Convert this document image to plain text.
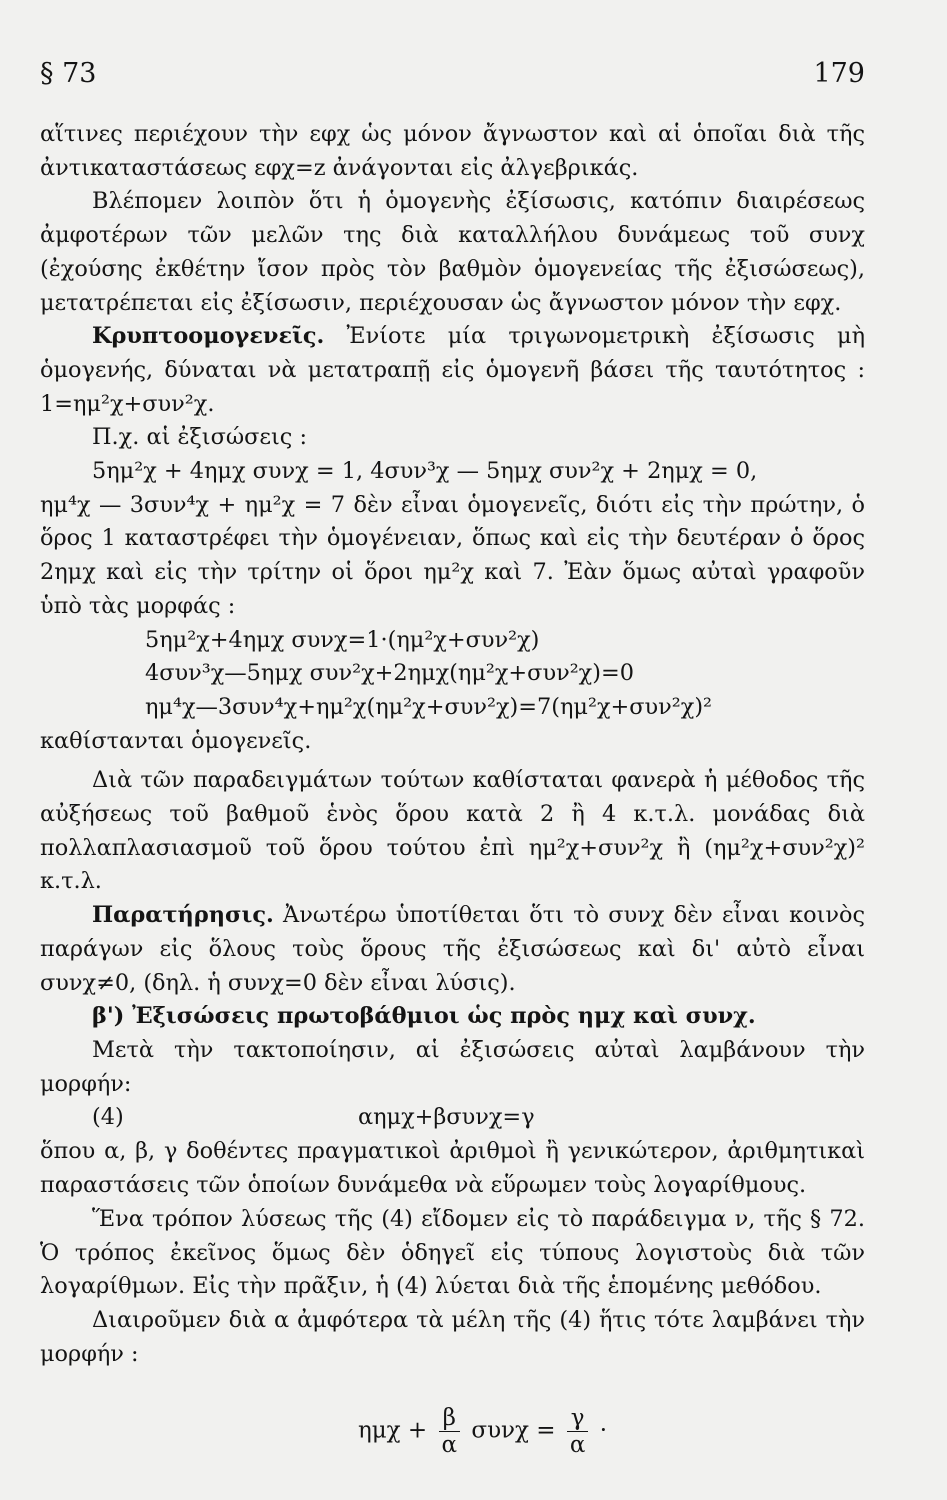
§ 73	179

αἵτινες περιέχουν τὴν εφχ ὡς μόνον ἄγνωστον καὶ αἱ ὁποῖαι διὰ τῆς ἀντικαταστάσεως εφχ=z ἀνάγονται εἰς ἀλγεβρικάς.

Βλέπομεν λοιπὸν ὅτι ἡ ὁμογενὴς ἐξίσωσις, κατόπιν διαιρέσεως ἀμφοτέρων τῶν μελῶν της διὰ καταλλήλου δυνάμεως τοῦ συνχ (ἐχούσης ἐκθέτην ἴσον πρὸς τὸν βαθμὸν ὁμογενείας τῆς ἐξισώσεως), μετατρέπεται εἰς ἐξίσωσιν, περιέχουσαν ὡς ἄγνωστον μόνον τὴν εφχ.

Κρυπτοομογενεῖς. Ἐνίοτε μία τριγωνομετρικὴ ἐξίσωσις μὴ ὁμογενής, δύναται νὰ μετατραπῇ εἰς ὁμογενῆ βάσει τῆς ταυτότητος : 1=ημ²χ+συν²χ.

Π.χ. αἱ ἐξισώσεις :

5ημ²χ + 4ημχ συνχ = 1, 4συν³χ — 5ημχ συν²χ + 2ημχ = 0,

ημ⁴χ — 3συν⁴χ + ημ²χ = 7 δὲν εἶναι ὁμογενεῖς, διότι εἰς τὴν πρώτην, ὁ ὅρος 1 καταστρέφει τὴν ὁμογένειαν, ὅπως καὶ εἰς τὴν δευτέραν ὁ ὅρος 2ημχ καὶ εἰς τὴν τρίτην οἱ ὅροι ημ²χ καὶ 7. Ἐὰν ὅμως αὐταὶ γραφοῦν ὑπὸ τὰς μορφάς :

5ημ²χ+4ημχ συνχ=1·(ημ²χ+συν²χ)

4συν³χ—5ημχ συν²χ+2ημχ(ημ²χ+συν²χ)=0

ημ⁴χ—3συν⁴χ+ημ²χ(ημ²χ+συν²χ)=7(ημ²χ+συν²χ)²

καθίστανται ὁμογενεῖς.

Διὰ τῶν παραδειγμάτων τούτων καθίσταται φανερὰ ἡ μέθοδος τῆς αὐξήσεως τοῦ βαθμοῦ ἑνὸς ὅρου κατὰ 2 ἢ 4 κ.τ.λ. μονάδας διὰ πολλαπλασιασμοῦ τοῦ ὅρου τούτου ἐπὶ ημ²χ+συν²χ ἢ (ημ²χ+συν²χ)² κ.τ.λ.

Παρατήρησις. Ἀνωτέρω ὑποτίθεται ὅτι τὸ συνχ δὲν εἶναι κοινὸς παράγων εἰς ὅλους τοὺς ὅρους τῆς ἐξισώσεως καὶ δι' αὐτὸ εἶναι συνχ≠0, (δηλ. ἡ συνχ=0 δὲν εἶναι λύσις).

β') Ἐξισώσεις πρωτοβάθμιοι ὡς πρὸς ημχ καὶ συνχ.

Μετὰ τὴν τακτοποίησιν, αἱ ἐξισώσεις αὐταὶ λαμβάνουν τὴν μορφήν:

(4)	αημχ+βσυνχ=γ

ὅπου α, β, γ δοθέντες πραγματικοὶ ἀριθμοὶ ἢ γενικώτερον, ἀριθμητικαὶ παραστάσεις τῶν ὁποίων δυνάμεθα νὰ εὕρωμεν τοὺς λογαρίθμους.

Ἕνα τρόπον λύσεως τῆς (4) εἴδομεν εἰς τὸ παράδειγμα ν, τῆς § 72. Ὁ τρόπος ἐκεῖνος ὅμως δὲν ὁδηγεῖ εἰς τύπους λογιστοὺς διὰ τῶν λογαρίθμων. Εἰς τὴν πρᾶξιν, ἡ (4) λύεται διὰ τῆς ἑπομένης μεθόδου.

Διαιροῦμεν διὰ α ἀμφότερα τὰ μέλη τῆς (4) ἥτις τότε λαμβάνει τὴν μορφήν :

$\eta\mu\chi + \frac{\beta}{\alpha}$ $\sigma\upsilon\nu\chi = \frac{\gamma}{\alpha}$ ·
